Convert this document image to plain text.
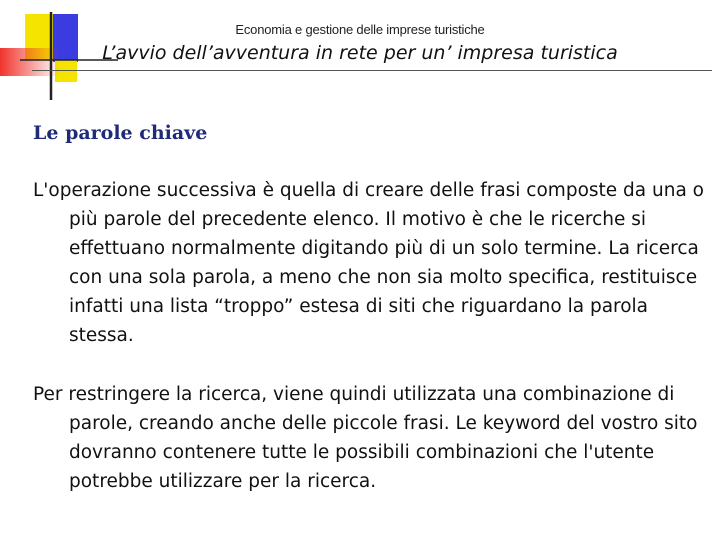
Economia e gestione delle imprese turistiche
L’avvio dell’avventura in rete per un’ impresa turistica
Le parole chiave
L'operazione successiva è quella di creare delle frasi composte da una o più parole del precedente elenco. Il motivo è che le ricerche si effettuano normalmente digitando più di un solo termine. La ricerca con una sola parola, a meno che non sia molto specifica, restituisce infatti una lista “troppo” estesa di siti che riguardano la parola stessa.
Per restringere la ricerca, viene quindi utilizzata una combinazione di parole, creando anche delle piccole frasi. Le keyword del vostro sito dovranno contenere tutte le possibili combinazioni che l'utente potrebbe utilizzare per la ricerca.
